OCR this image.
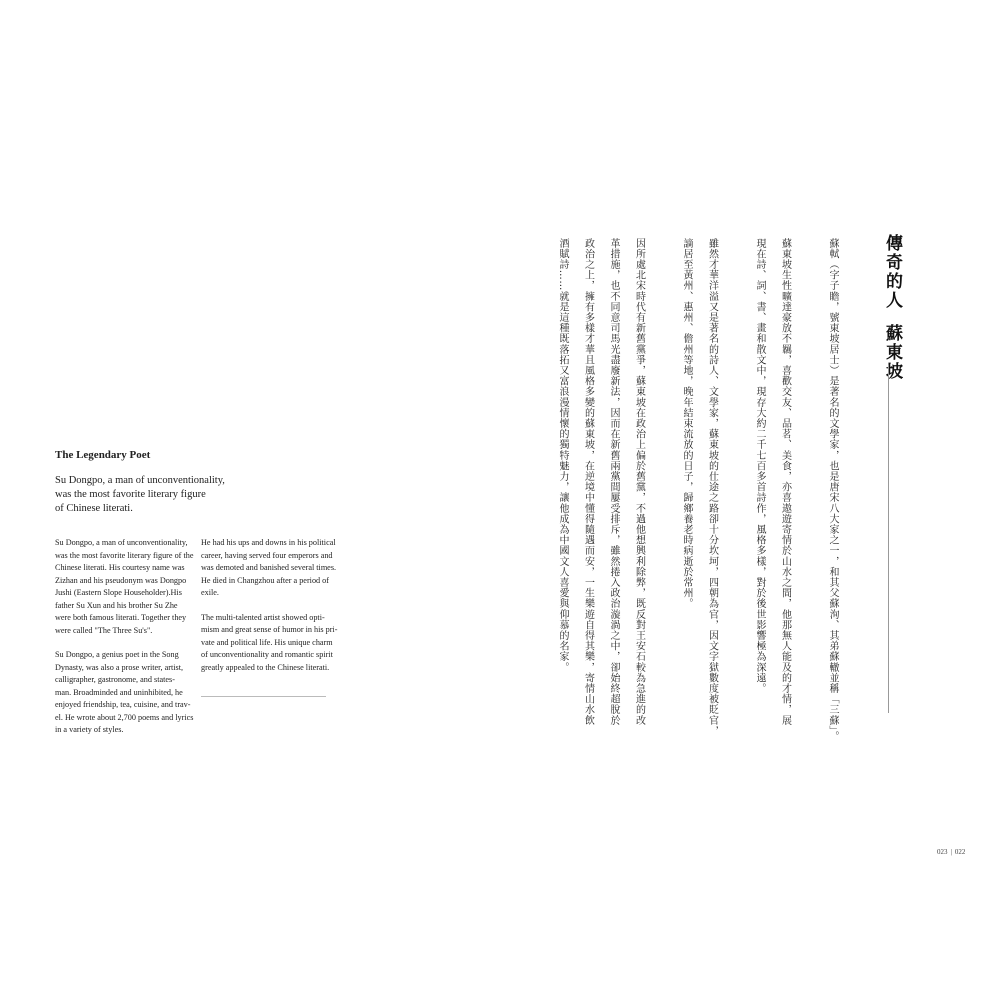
The Legendary Poet
Su Dongpo, a man of unconventionality,
was the most favorite literary figure
of Chinese literati.

Su Dongpo, a man of unconventionality,
was the most favorite literary figure of the
Chinese literati. His courtesy name was
Zizhan and his pseudonym was Dongpo
Jushi (Eastern Slope Householder).His
father Su Xun and his brother Su Zhe
were both famous literati. Together they
were called "The Three Su's".

Su Dongpo, a genius poet in the Song
Dynasty, was also a prose writer, artist,
calligrapher, gastronome, and states-
man. Broadminded and uninhibited, he
enjoyed friendship, tea, cuisine, and trav-
el. He wrote about 2,700 poems and lyrics
in a variety of styles.

He had his ups and downs in his political
career, having served four emperors and
was demoted and banished several times.
He died in Changzhou after a period of
exile.

The multi-talented artist showed opti-
mism and great sense of humor in his pri-
vate and political life. His unique charm
of unconventionality and romantic spirit
greatly appealed to the Chinese literati.

傳奇的人蘇東坡

蘇軾（字子瞻，號東坡居士）是著名的文學家，也是唐宋八大家之一，和其父蘇洵、其弟蘇轍並稱「三蘇」。

蘇東坡生性曠達豪放不羈，喜歡交友、品茗、美食，亦喜遨遊寄情於山水之間，他那無人能及的才情，展
現在詩、詞、書、畫和散文中，現存大約二千七百多首詩作，風格多樣，對於後世影響極為深遠。

雖然才華洋溢又是著名的詩人、文學家，蘇東坡的仕途之路卻十分坎坷，四朝為官，因文字獄數度被貶官，
謫居至黃州、惠州、儋州等地，晚年結束流放的日子，歸鄉養老時病逝於常州。

因所處北宋時代有新舊黨爭，蘇東坡在政治上偏於舊黨，不過他想興利除弊，既反對王安石較為急進的改
革措施，也不同意司馬光盡廢新法，因而在新舊兩黨間屢受排斥，雖然捲入政治漩渦之中，卻始終超脫於
政治之上，擁有多樣才華且風格多變的蘇東坡，在逆境中懂得隨遇而安，一生樂遊自得其樂，寄情山水飲
酒賦詩……就是這種既落拓又富浪漫情懷的獨特魅力，讓他成為中國文人喜愛與仰慕的名家。

023 | 022
